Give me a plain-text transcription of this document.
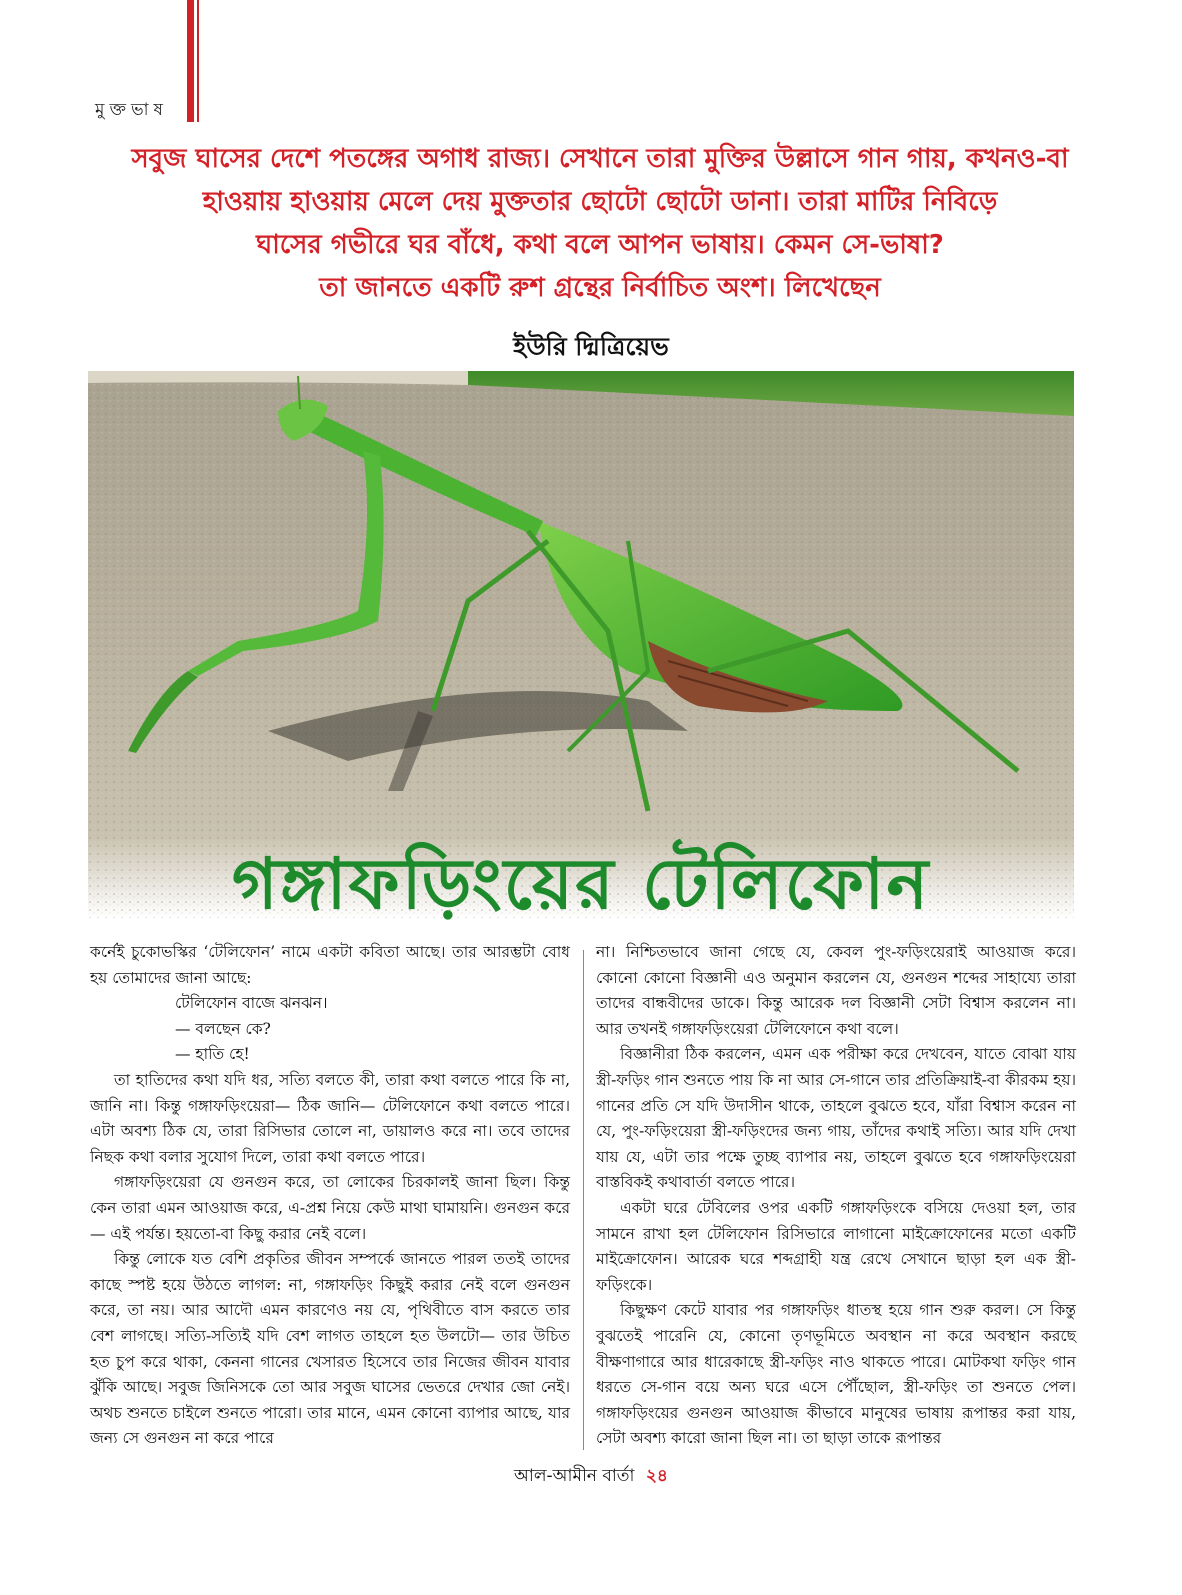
মুক্তভাষ

সবুজ ঘাসের দেশে পতঙ্গের অগাধ রাজ্য। সেখানে তারা মুক্তির উল্লাসে গান গায়, কখনও-বা

হাওয়ায় হাওয়ায় মেলে দেয় মুক্ততার ছোটো ছোটো ডানা। তারা মাটির নিবিড়ে

ঘাসের গভীরে ঘর বাঁধে, কথা বলে আপন ভাষায়। কেমন সে-ভাষা?

তা জানতে একটি রুশ গ্রন্থের নির্বাচিত অংশ। লিখেছেন

ইউরি দ্মিত্রিয়েভ
গঙ্গাফড়িংয়ের টেলিফোন

কর্নেই চুকোভস্কির ‘টেলিফোন’ নামে একটা কবিতা আছে। তার আরম্ভটা বোধ হয় তোমাদের জানা আছে:

টেলিফোন বাজে ঝনঝন।

— বলছেন কে?

— হাতি হে!

তা হাতিদের কথা যদি ধর, সত্যি বলতে কী, তারা কথা বলতে পারে কি না, জানি না। কিন্তু গঙ্গাফড়িংয়েরা— ঠিক জানি— টেলিফোনে কথা বলতে পারে। এটা অবশ্য ঠিক যে, তারা রিসিভার তোলে না, ডায়ালও করে না। তবে তাদের নিছক কথা বলার সুযোগ দিলে, তারা কথা বলতে পারে।

গঙ্গাফড়িংয়েরা যে গুনগুন করে, তা লোকের চিরকালই জানা ছিল। কিন্তু কেন তারা এমন আওয়াজ করে, এ-প্রশ্ন নিয়ে কেউ মাথা ঘামায়নি। গুনগুন করে— এই পর্যন্ত। হয়তো-বা কিছু করার নেই বলে।

কিন্তু লোকে যত বেশি প্রকৃতির জীবন সম্পর্কে জানতে পারল ততই তাদের কাছে স্পষ্ট হয়ে উঠতে লাগল: না, গঙ্গাফড়িং কিছুই করার নেই বলে গুনগুন করে, তা নয়। আর আদৌ এমন কারণেও নয় যে, পৃথিবীতে বাস করতে তার বেশ লাগছে। সত্যি-সত্যিই যদি বেশ লাগত তাহলে হত উলটো— তার উচিত হত চুপ করে থাকা, কেননা গানের খেসারত হিসেবে তার নিজের জীবন যাবার ঝুঁকি আছে। সবুজ জিনিসকে তো আর সবুজ ঘাসের ভেতরে দেখার জো নেই। অথচ শুনতে চাইলে শুনতে পারো। তার মানে, এমন কোনো ব্যাপার আছে, যার জন্য সে গুনগুন না করে পারে

না। নিশ্চিতভাবে জানা গেছে যে, কেবল পুং-ফড়িংয়েরাই আওয়াজ করে। কোনো কোনো বিজ্ঞানী এও অনুমান করলেন যে, গুনগুন শব্দের সাহায্যে তারা তাদের বান্ধবীদের ডাকে। কিন্তু আরেক দল বিজ্ঞানী সেটা বিশ্বাস করলেন না। আর তখনই গঙ্গাফড়িংয়েরা টেলিফোনে কথা বলে।

বিজ্ঞানীরা ঠিক করলেন, এমন এক পরীক্ষা করে দেখবেন, যাতে বোঝা যায় স্ত্রী-ফড়িং গান শুনতে পায় কি না আর সে-গানে তার প্রতিক্রিয়াই-বা কীরকম হয়। গানের প্রতি সে যদি উদাসীন থাকে, তাহলে বুঝতে হবে, যাঁরা বিশ্বাস করেন না যে, পুং-ফড়িংয়েরা স্ত্রী-ফড়িংদের জন্য গায়, তাঁদের কথাই সত্যি। আর যদি দেখা যায় যে, এটা তার পক্ষে তুচ্ছ ব্যাপার নয়, তাহলে বুঝতে হবে গঙ্গাফড়িংয়েরা বাস্তবিকই কথাবার্তা বলতে পারে।

একটা ঘরে টেবিলের ওপর একটি গঙ্গাফড়িংকে বসিয়ে দেওয়া হল, তার সামনে রাখা হল টেলিফোন রিসিভারে লাগানো মাইক্রোফোনের মতো একটি মাইক্রোফোন। আরেক ঘরে শব্দগ্রাহী যন্ত্র রেখে সেখানে ছাড়া হল এক স্ত্রী-ফড়িংকে।

কিছুক্ষণ কেটে যাবার পর গঙ্গাফড়িং ধাতস্থ হয়ে গান শুরু করল। সে কিন্তু বুঝতেই পারেনি যে, কোনো তৃণভূমিতে অবস্থান না করে অবস্থান করছে বীক্ষণাগারে আর ধারেকাছে স্ত্রী-ফড়িং নাও থাকতে পারে। মোটকথা ফড়িং গান ধরতে সে-গান বয়ে অন্য ঘরে এসে পৌঁছোল, স্ত্রী-ফড়িং তা শুনতে পেল। গঙ্গাফড়িংয়ের গুনগুন আওয়াজ কীভাবে মানুষের ভাষায় রূপান্তর করা যায়, সেটা অবশ্য কারো জানা ছিল না। তা ছাড়া তাকে রূপান্তর

আল-আমীন বার্তা ২৪
